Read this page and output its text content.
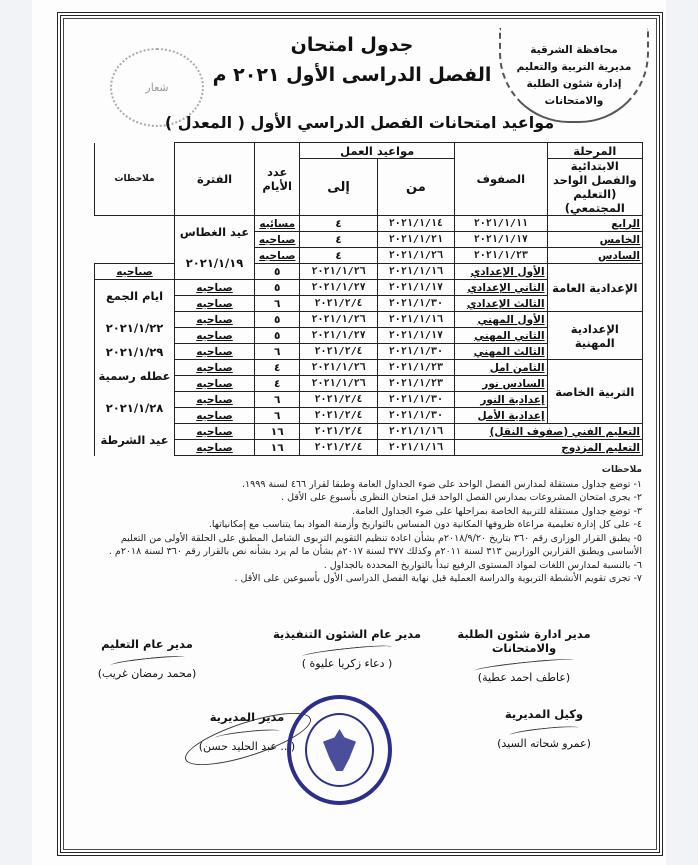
محافظة الشرقية
مديرية التربية والتعليم
إدارة شئون الطلبة والامتحانات
جدول امتحان
الفصل الدراسى الأول ٢٠٢١ م
شعار
مواعيد امتحانات الفصل الدراسي الأول ( المعدل )
المرحلة	الصفوف	مواعيد العمل		عدد الأيام	الفترة	ملاحظات
الابتدائية والفصل الواحد (التعليم المجتمعي)		من	إلى			
الرابع	٢٠٢١/١/١١	٢٠٢١/١/١٤	٤	مسائيه	عيد الغطاس	
الخامس	٢٠٢١/١/١٧	٢٠٢١/١/٢١	٤	صباحيه		
السادس	٢٠٢١/١/٢٣	٢٠٢١/١/٢٦	٤	صباحيه	٢٠٢١/١/١٩	
الإعدادية العامة	الأول الإعدادي	٢٠٢١/١/١٦	٢٠٢١/١/٢٦	٥		صباحيه
	الثاني الإعدادي	٢٠٢١/١/١٧	٢٠٢١/١/٢٧	٥	صباحيه	ايام الجمع
	الثالث الإعدادي	٢٠٢١/١/٣٠	٢٠٢١/٢/٤	٦	صباحيه	
الإعدادية المهنية	الأول المهني	٢٠٢١/١/١٦	٢٠٢١/١/٢٦	٥	صباحيه	٢٠٢١/١/٢٢
	الثاني المهني	٢٠٢١/١/١٧	٢٠٢١/١/٢٧	٥	صباحيه	
	الثالث المهني	٢٠٢١/١/٣٠	٢٠٢١/٢/٤	٦	صباحيه	٢٠٢١/١/٢٩
التربية الخاصة	الثامن امل	٢٠٢١/١/٢٣	٢٠٢١/١/٢٦	٤	صباحيه	عطله رسمية
	السادس نور	٢٠٢١/١/٢٣	٢٠٢١/١/٢٦	٤	صباحيه	
	إعدادية النور	٢٠٢١/١/٣٠	٢٠٢١/٢/٤	٦	صباحيه	٢٠٢١/١/٢٨
	إعدادية الأمل	٢٠٢١/١/٣٠	٢٠٢١/٢/٤	٦	صباحيه	
التعليم الفني (صفوف النقل)		٢٠٢١/١/١٦	٢٠٢١/٢/٤	١٦	صباحيه	عيد الشرطة
التعليم المزدوج		٢٠٢١/١/١٦	٢٠٢١/٢/٤	١٦	صباحيه	
ملاحظات

١- توضع جداول مستقلة لمدارس الفصل الواحد على ضوء الجداول العامة وطبقا لقرار ٤٦٦ لسنة ١٩٩٩.

٢- يجرى امتحان المشروعات بمدارس الفصل الواحد قبل امتحان النظرى بأسبوع على الأقل .

٣- توضع جداول مستقلة للتربية الخاصة بمراحلها على ضوء الجداول العامة.

٤- على كل إدارة تعليمية مراعاة ظروفها المكانية دون المساس بالتواريخ وأزمنة المواد بما يتناسب مع إمكانياتها.

٥- يطبق القرار الوزارى رقم ٣٦٠ بتاريخ ٢٠١٨/٩/٢٠م بشأن اعادة تنظيم التقويم التربوى الشامل المطبق على الحلقة الأولى من التعليم الأساسى ويطبق القرارين الوزاريين ٣١٣ لسنة ٢٠١١م وكذلك ٣٧٧ لسنة ٢٠١٧م بشأن ما لم يرد بشأنه نص بالقرار رقم ٣٦٠ لسنة ٢٠١٨م .

٦- بالنسبة لمدارس اللغات لمواد المستوى الرفيع تبدأ بالتواريخ المحددة بالجداول .

٧- تجرى تقويم الأنشطة التربوية والدراسة العملية قبل نهاية الفصل الدراسى الأول بأسبوعين على الأقل .

مدير ادارة شئون الطلبة والامتحانات
(عاطف احمد عطية)
مدير عام الشئون التنفيذية
( دعاء زكريا عليوة )
مدير عام التعليم
(محمد رمضان غريب)
وكيل المديرية
(عمرو شحاته السيد)
مدير المديرية
(... عبد الحليد حسن)
